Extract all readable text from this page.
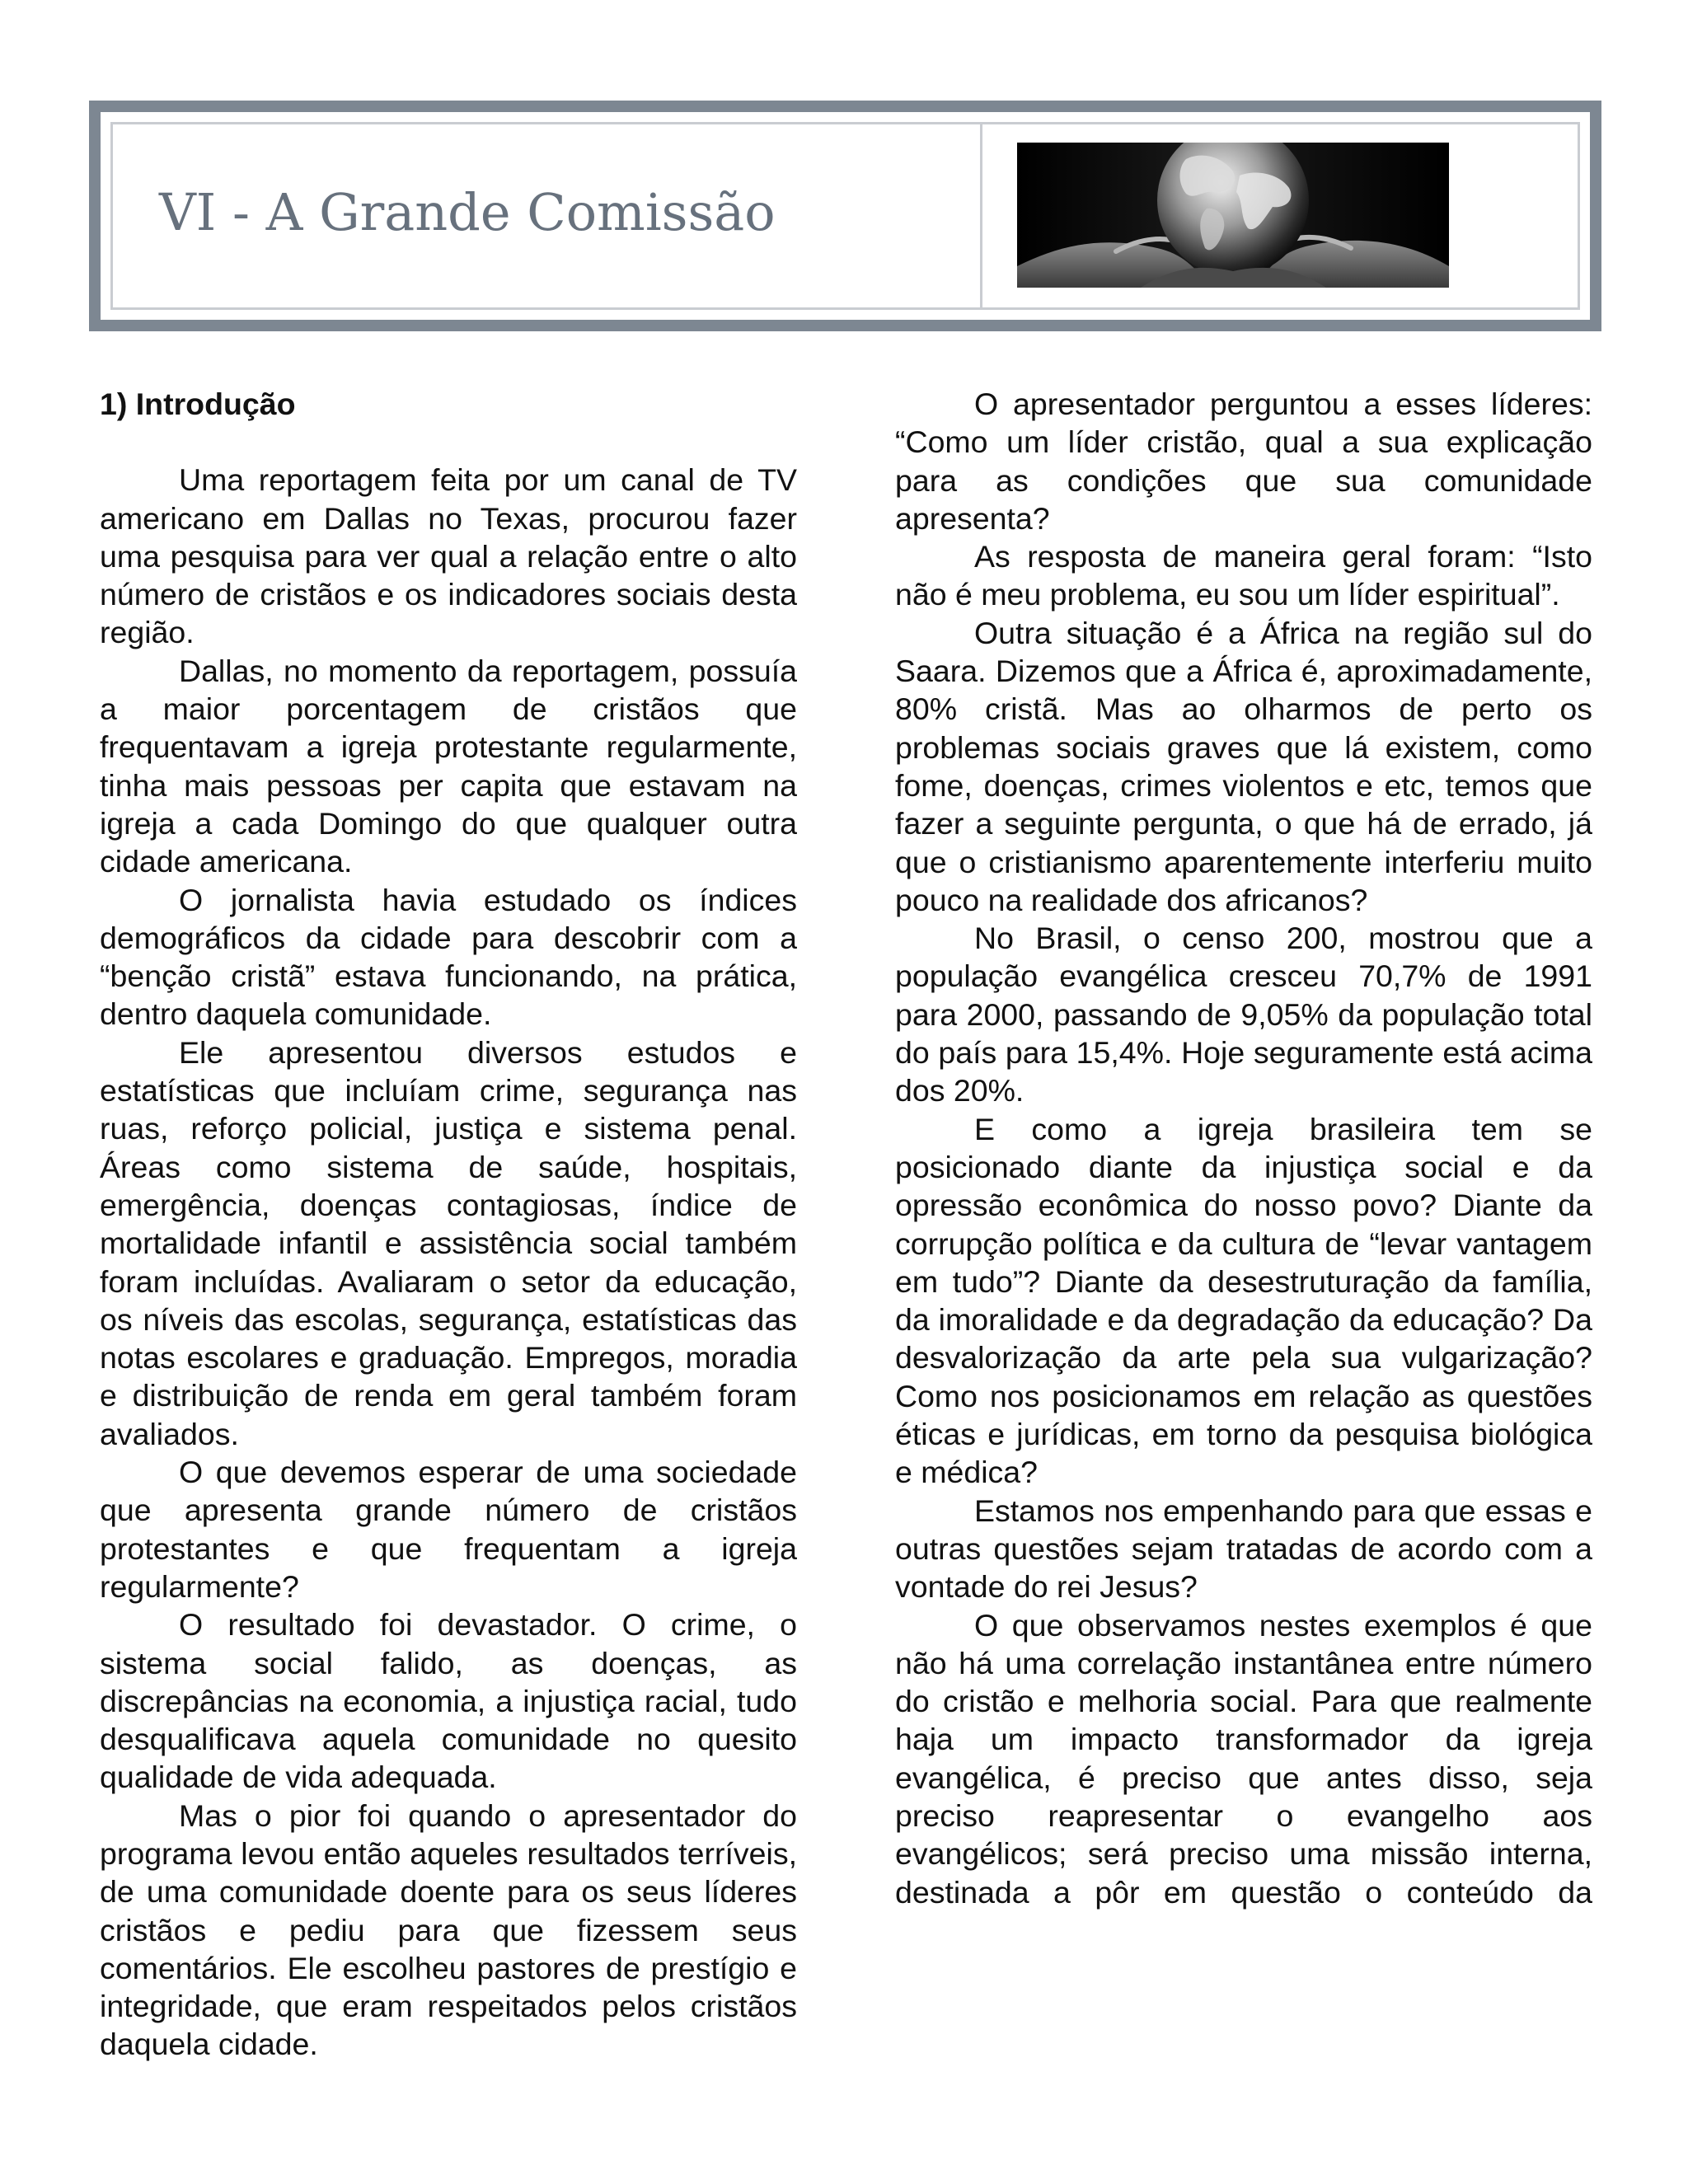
VI - A Grande Comissão
1) Introdução

Uma reportagem feita por um canal de TV americano em Dallas no Texas, procurou fazer uma pesquisa para ver qual a relação entre o alto número de cristãos e os indicadores sociais desta região.

Dallas, no momento da reportagem, possuía a maior porcentagem de cristãos que frequentavam a igreja protestante regularmente, tinha mais pessoas per capita que estavam na igreja a cada Domingo do que qualquer outra cidade americana.

O jornalista havia estudado os índices demográficos da cidade para descobrir com a “benção cristã” estava funcionando, na prática, dentro daquela comunidade.

Ele apresentou diversos estudos e estatísticas que incluíam crime, segurança nas ruas, reforço policial, justiça e sistema penal. Áreas como sistema de saúde, hospitais, emergência, doenças contagiosas, índice de mortalidade infantil e assistência social também foram incluídas. Avaliaram o setor da educação, os níveis das escolas, segurança, estatísticas das notas escolares e graduação. Empregos, moradia e distribuição de renda em geral também foram avaliados.

O que devemos esperar de uma sociedade que apresenta grande número de cristãos protestantes e que frequentam a igreja regularmente?

O resultado foi devastador. O crime, o sistema social falido, as doenças, as discrepâncias na economia, a injustiça racial, tudo desqualificava aquela comunidade no quesito qualidade de vida adequada.

Mas o pior foi quando o apresentador do programa levou então aqueles resultados terríveis, de uma comunidade doente para os seus líderes cristãos e pediu para que fizessem seus comentários. Ele escolheu pastores de prestígio e integridade, que eram respeitados pelos cristãos daquela cidade.

O apresentador perguntou a esses líderes: “Como um líder cristão, qual a sua explicação para as condições que sua comunidade apresenta?

As resposta de maneira geral foram: “Isto não é meu problema, eu sou um líder espiritual”.

Outra situação é a África na região sul do Saara. Dizemos que a África é, aproximadamente, 80% cristã. Mas ao olharmos de perto os problemas sociais graves que lá existem, como fome, doenças, crimes violentos e etc, temos que fazer a seguinte pergunta, o que há de errado, já que o cristianismo aparentemente interferiu muito pouco na realidade dos africanos?

No Brasil, o censo 200, mostrou que a população evangélica cresceu 70,7% de 1991 para 2000, passando de 9,05% da população total do país para 15,4%. Hoje seguramente está acima dos 20%.

E como a igreja brasileira tem se posicionado diante da injustiça social e da opressão econômica do nosso povo? Diante da corrupção política e da cultura de “levar vantagem em tudo”? Diante da desestruturação da família, da imoralidade e da degradação da educação? Da desvalorização da arte pela sua vulgarização? Como nos posicionamos em relação as questões éticas e jurídicas, em torno da pesquisa biológica e médica?

Estamos nos empenhando para que essas e outras questões sejam tratadas de acordo com a vontade do rei Jesus?

O que observamos nestes exemplos é que não há uma correlação instantânea entre número do cristão e melhoria social. Para que realmente haja um impacto transformador da igreja evangélica, é preciso que antes disso, seja preciso reapresentar o evangelho aos evangélicos; será preciso uma missão interna, destinada a pôr em questão o conteúdo da
